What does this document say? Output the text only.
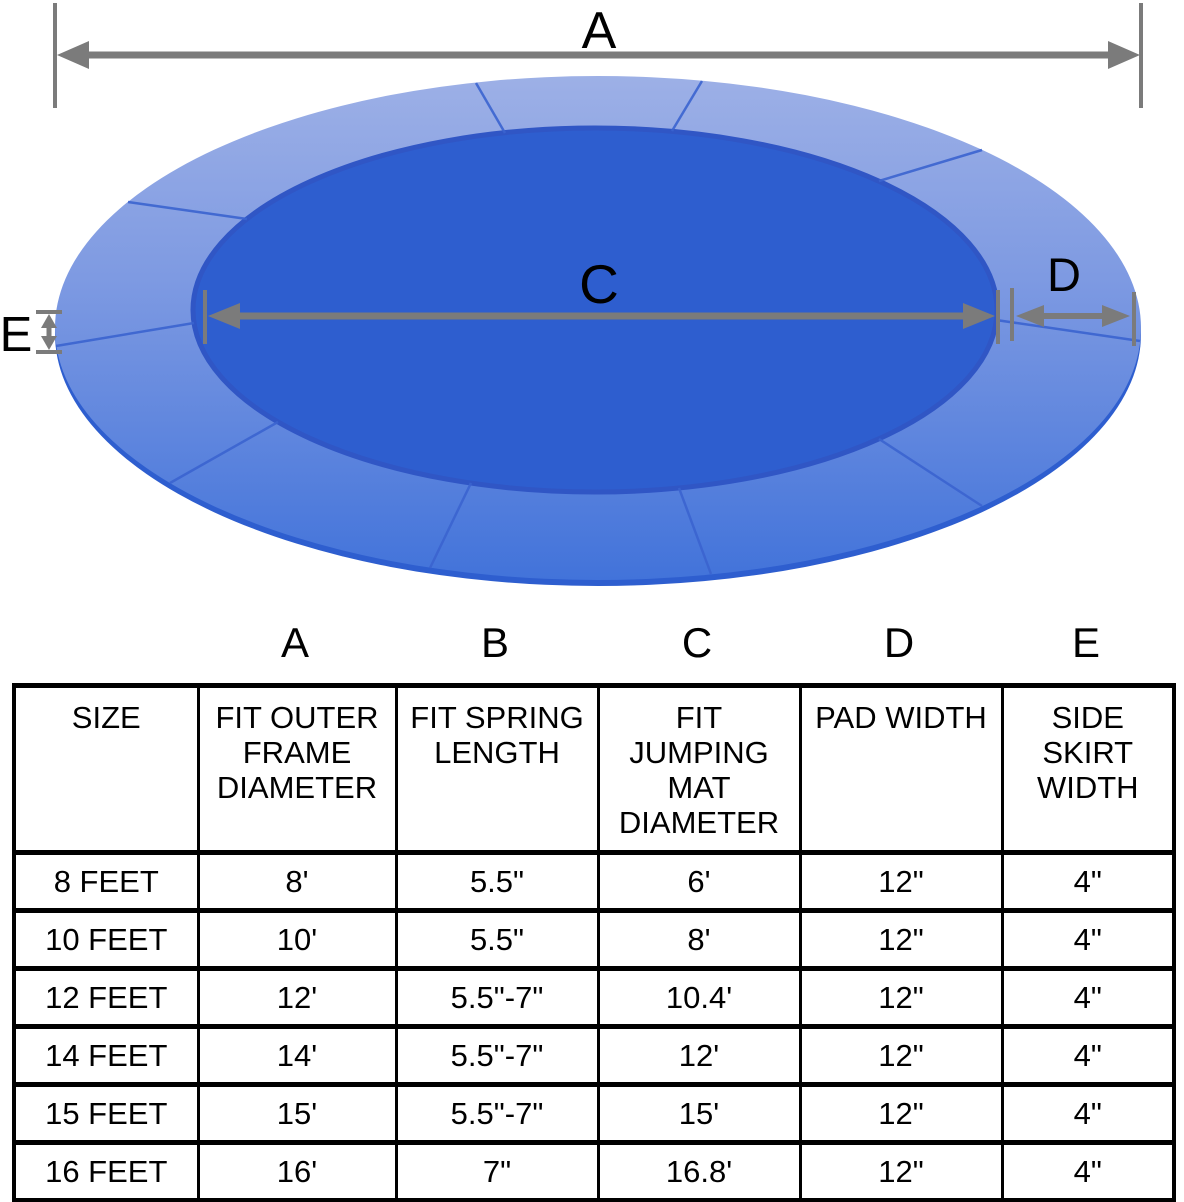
A
C	D
E
A	B	C	D	E
SIZE	FIT OUTER FRAME DIAMETER	FIT SPRING LENGTH	FIT JUMPING MAT DIAMETER	PAD WIDTH	SIDE SKIRT WIDTH
8 FEET	8'	5.5"	6'	12"	4"
10 FEET	10'	5.5"	8'	12"	4"
12 FEET	12'	5.5"-7"	10.4'	12"	4"
14 FEET	14'	5.5"-7"	12'	12"	4"
15 FEET	15'	5.5"-7"	15'	12"	4"
16 FEET	16'	7"	16.8'	12"	4"
